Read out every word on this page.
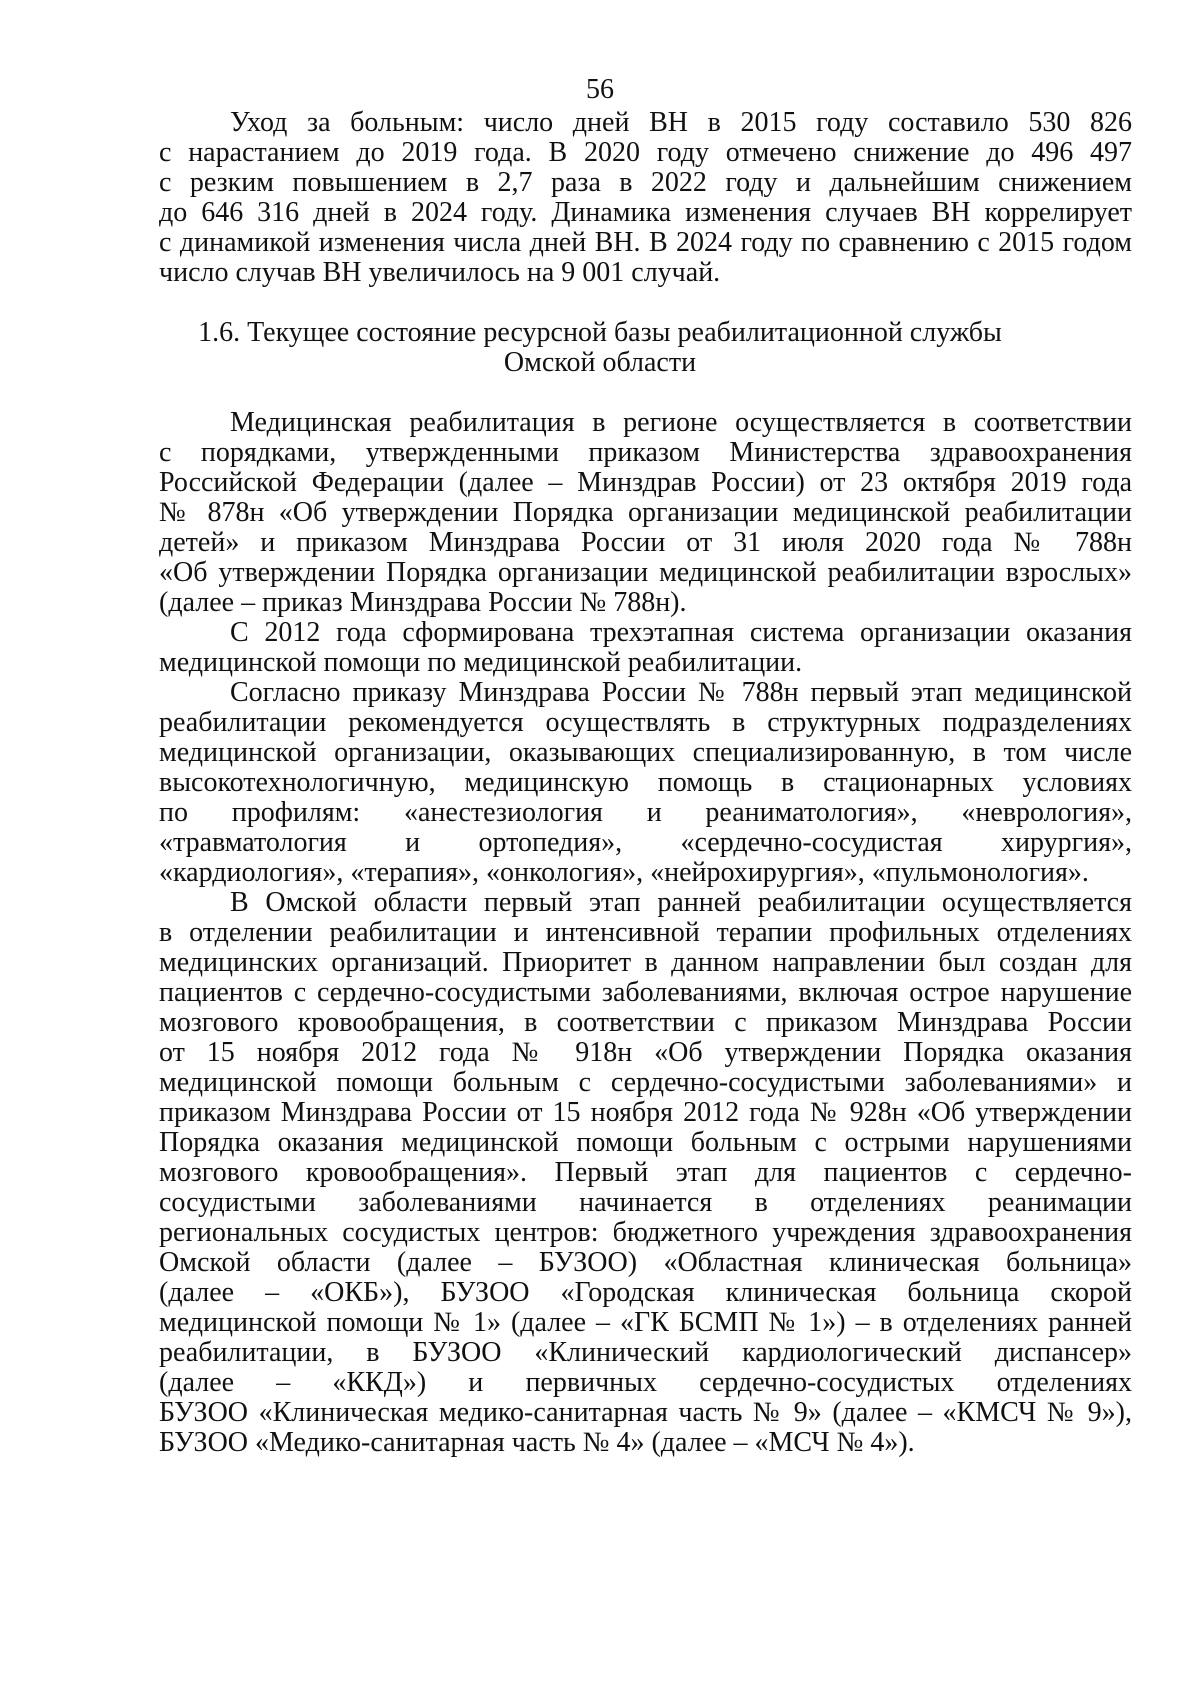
56
Уход за больным: число дней ВН в 2015 году составило 530 826
с нарастанием до 2019 года. В 2020 году отмечено снижение до 496 497
с резким повышением в 2,7 раза в 2022 году и дальнейшим снижением
до 646 316 дней в 2024 году. Динамика изменения случаев ВН коррелирует
с динамикой изменения числа дней ВН. В 2024 году по сравнению с 2015 годом
число случав ВН увеличилось на 9 001 случай.
1.6. Текущее состояние ресурсной базы реабилитационной службы
Омской области
Медицинская реабилитация в регионе осуществляется в соответствии
с порядками, утвержденными приказом Министерства здравоохранения
Российской Федерации (далее – Минздрав России) от 23 октября 2019 года
№ 878н «Об утверждении Порядка организации медицинской реабилитации
детей» и приказом Минздрава России от 31 июля 2020 года № 788н
«Об утверждении Порядка организации медицинской реабилитации взрослых»
(далее – приказ Минздрава России № 788н).
С 2012 года сформирована трехэтапная система организации оказания
медицинской помощи по медицинской реабилитации.
Согласно приказу Минздрава России № 788н первый этап медицинской
реабилитации рекомендуется осуществлять в структурных подразделениях
медицинской организации, оказывающих специализированную, в том числе
высокотехнологичную, медицинскую помощь в стационарных условиях
по профилям: «анестезиология и реаниматология», «неврология»,
«травматология и ортопедия», «сердечно-сосудистая хирургия»,
«кардиология», «терапия», «онкология», «нейрохирургия», «пульмонология».
В Омской области первый этап ранней реабилитации осуществляется
в отделении реабилитации и интенсивной терапии профильных отделениях
медицинских организаций. Приоритет в данном направлении был создан для
пациентов с сердечно-сосудистыми заболеваниями, включая острое нарушение
мозгового кровообращения, в соответствии с приказом Минздрава России
от 15 ноября 2012 года № 918н «Об утверждении Порядка оказания
медицинской помощи больным с сердечно-сосудистыми заболеваниями» и
приказом Минздрава России от 15 ноября 2012 года № 928н «Об утверждении
Порядка оказания медицинской помощи больным с острыми нарушениями
мозгового кровообращения». Первый этап для пациентов с сердечно-
сосудистыми заболеваниями начинается в отделениях реанимации
региональных сосудистых центров: бюджетного учреждения здравоохранения
Омской области (далее – БУЗОО) «Областная клиническая больница»
(далее – «ОКБ»), БУЗОО «Городская клиническая больница скорой
медицинской помощи № 1» (далее – «ГК БСМП № 1») – в отделениях ранней
реабилитации, в БУЗОО «Клинический кардиологический диспансер»
(далее – «ККД») и первичных сердечно-сосудистых отделениях
БУЗОО «Клиническая медико-санитарная часть № 9» (далее – «КМСЧ № 9»),
БУЗОО «Медико-санитарная часть № 4» (далее – «МСЧ № 4»).
